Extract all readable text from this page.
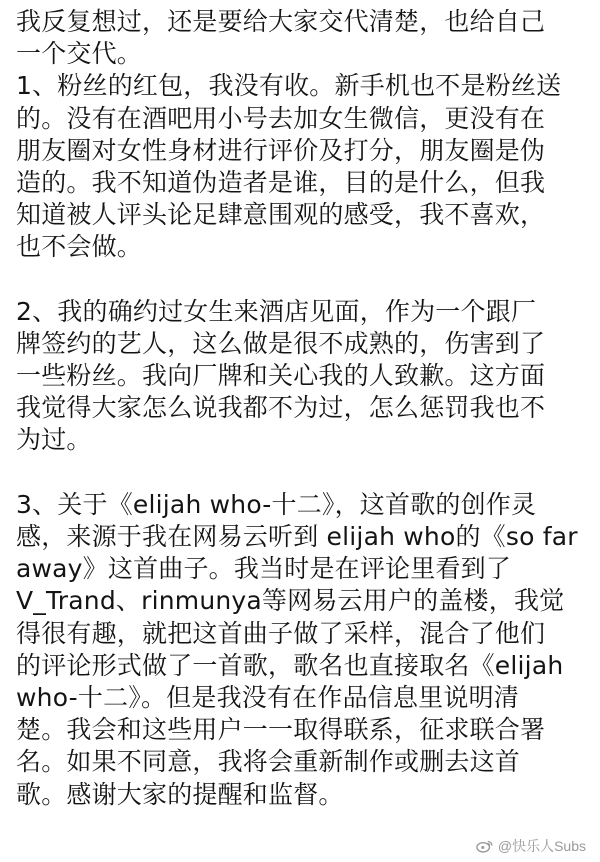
我反复想过，还是要给大家交代清楚，也给自己
一个交代。
1、粉丝的红包，我没有收。新手机也不是粉丝送
的。没有在酒吧用小号去加女生微信，更没有在
朋友圈对女性身材进行评价及打分，朋友圈是伪
造的。我不知道伪造者是谁，目的是什么，但我
知道被人评头论足肆意围观的感受，我不喜欢，
也不会做。
2、我的确约过女生来酒店见面，作为一个跟厂
牌签约的艺人，这么做是很不成熟的，伤害到了
一些粉丝。我向厂牌和关心我的人致歉。这方面
我觉得大家怎么说我都不为过，怎么惩罚我也不
为过。
3、关于《elijah who-十二》，这首歌的创作灵
感，来源于我在网易云听到 elijah who的《so far
away》这首曲子。我当时是在评论里看到了
V_Trand、rinmunya等网易云用户的盖楼，我觉
得很有趣，就把这首曲子做了采样，混合了他们
的评论形式做了一首歌，歌名也直接取名《elijah
who-十二》。但是我没有在作品信息里说明清
楚。我会和这些用户一一取得联系，征求联合署
名。如果不同意，我将会重新制作或删去这首
歌。感谢大家的提醒和监督。
@快乐人Subs
